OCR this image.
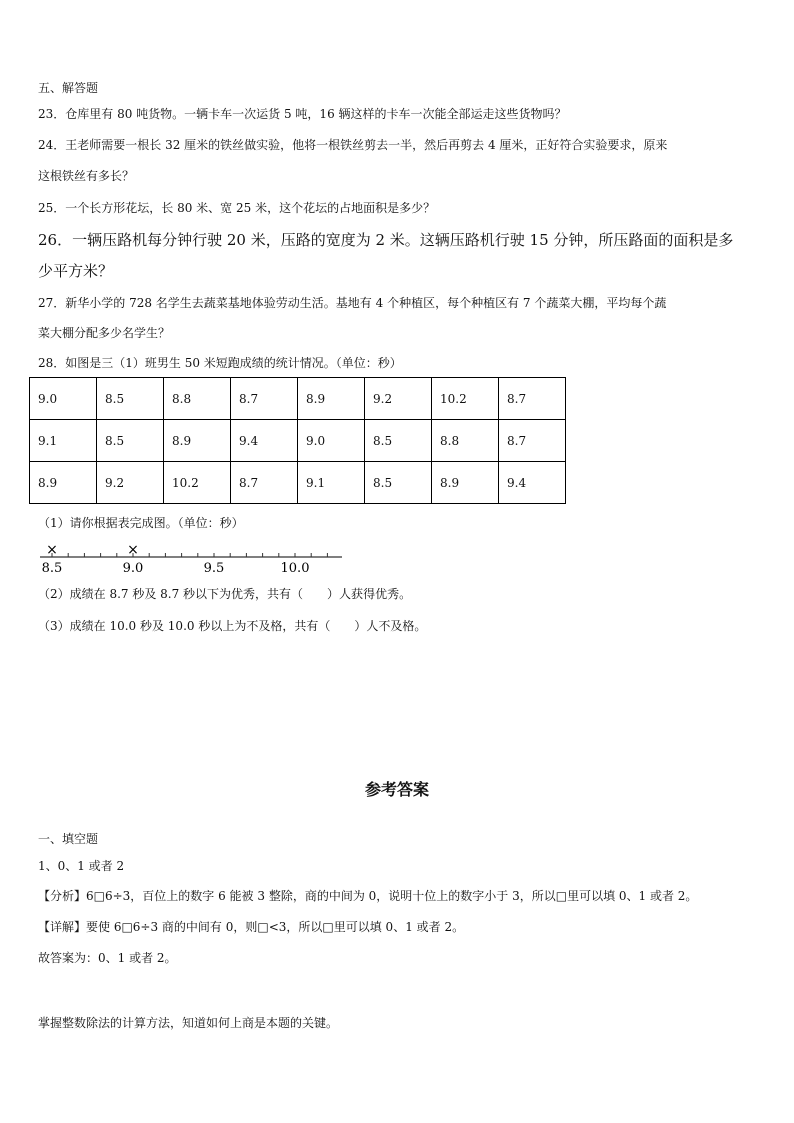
五、解答题
23．仓库里有 80 吨货物。一辆卡车一次运货 5 吨，16 辆这样的卡车一次能全部运走这些货物吗？
24．王老师需要一根长 32 厘米的铁丝做实验，他将一根铁丝剪去一半，然后再剪去 4 厘米，正好符合实验要求，原来
这根铁丝有多长？
25．一个长方形花坛，长 80 米、宽 25 米，这个花坛的占地面积是多少？
26．一辆压路机每分钟行驶 20 米，压路的宽度为 2 米。这辆压路机行驶 15 分钟，所压路面的面积是多
少平方米？
27．新华小学的 728 名学生去蔬菜基地体验劳动生活。基地有 4 个种植区，每个种植区有 7 个蔬菜大棚，平均每个蔬
菜大棚分配多少名学生？
28．如图是三（1）班男生 50 米短跑成绩的统计情况。（单位：秒）
9.0	8.5	8.8	8.7	8.9	9.2	10.2	8.7
9.1	8.5	8.9	9.4	9.0	8.5	8.8	8.7
8.9	9.2	10.2	8.7	9.1	8.5	8.9	9.4
（1）请你根据表完成图。（单位：秒）
8.5	9.0	9.5	10.0
×	×
（2）成绩在 8.7 秒及 8.7 秒以下为优秀，共有（　　）人获得优秀。
（3）成绩在 10.0 秒及 10.0 秒以上为不及格，共有（　　）人不及格。
参考答案
一、填空题
1、0、1 或者 2
【分析】6□6÷3，百位上的数字 6 能被 3 整除，商的中间为 0，说明十位上的数字小于 3，所以□里可以填 0、1 或者 2。
【详解】要使 6□6÷3 商的中间有 0，则□<3，所以□里可以填 0、1 或者 2。
故答案为：0、1 或者 2。
掌握整数除法的计算方法，知道如何上商是本题的关键。
